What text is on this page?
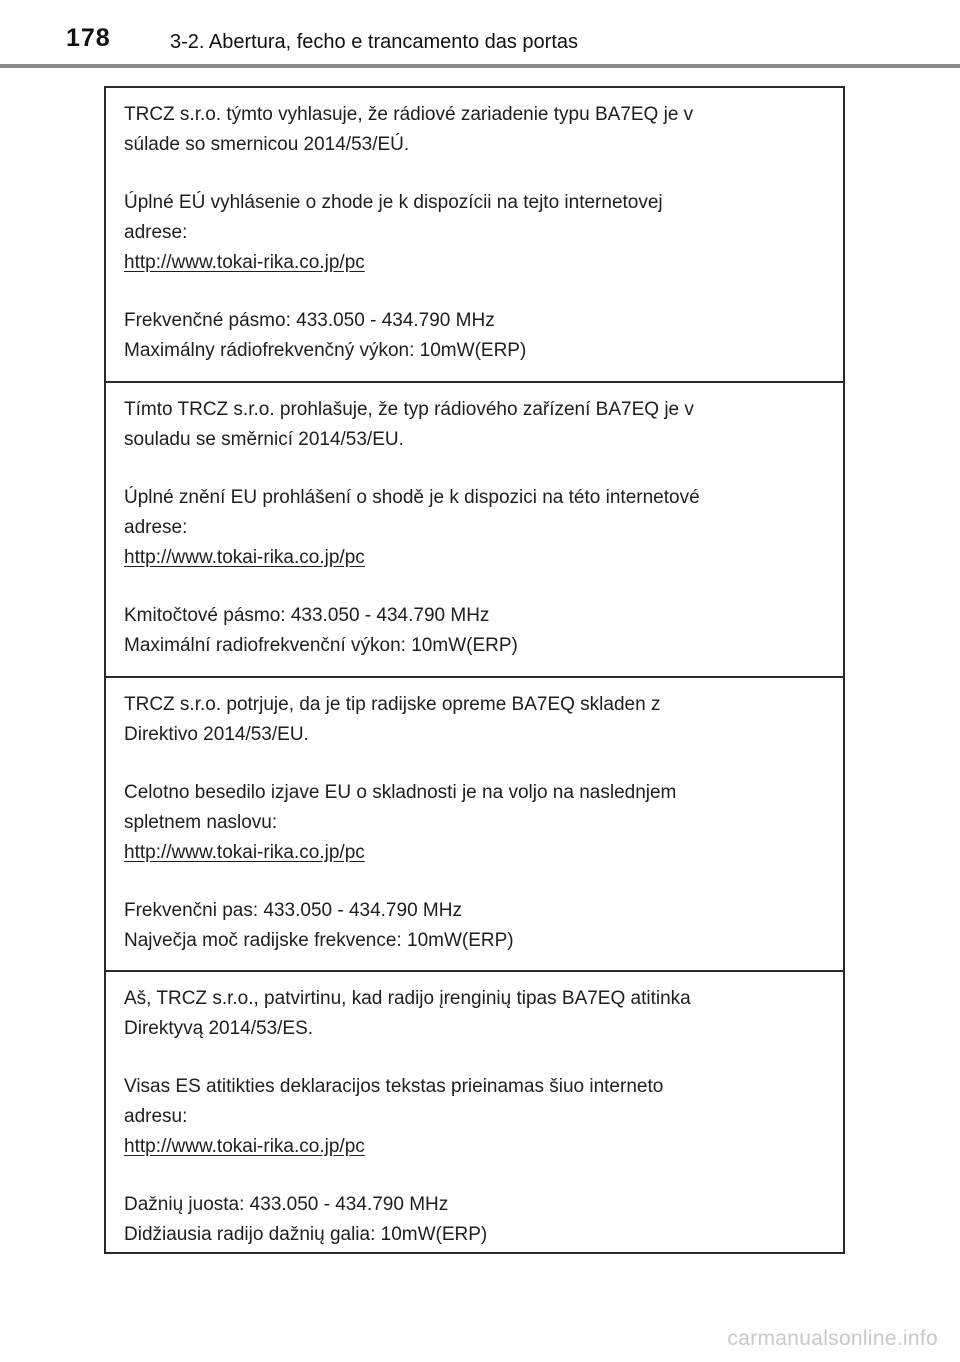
178	3-2. Abertura, fecho e trancamento das portas

TRCZ s.r.o. týmto vyhlasuje, že rádiové zariadenie typu BA7EQ je v

súlade so smernicou 2014/53/EÚ.

Úplné EÚ vyhlásenie o zhode je k dispozícii na tejto internetovej

adrese:

http://www.tokai-rika.co.jp/pc

Frekvenčné pásmo: 433.050 - 434.790 MHz

Maximálny rádiofrekvenčný výkon: 10mW(ERP)

Tímto TRCZ s.r.o. prohlašuje, že typ rádiového zařízení BA7EQ je v

souladu se směrnicí 2014/53/EU.

Úplné znění EU prohlášení o shodě je k dispozici na této internetové

adrese:

http://www.tokai-rika.co.jp/pc

Kmitočtové pásmo: 433.050 - 434.790 MHz

Maximální radiofrekvenční výkon: 10mW(ERP)

TRCZ s.r.o. potrjuje, da je tip radijske opreme BA7EQ skladen z

Direktivo 2014/53/EU.

Celotno besedilo izjave EU o skladnosti je na voljo na naslednjem

spletnem naslovu:

http://www.tokai-rika.co.jp/pc

Frekvenčni pas: 433.050 - 434.790 MHz

Največja moč radijske frekvence: 10mW(ERP)

Aš, TRCZ s.r.o., patvirtinu, kad radijo įrenginių tipas BA7EQ atitinka

Direktyvą 2014/53/ES.

Visas ES atitikties deklaracijos tekstas prieinamas šiuo interneto

adresu:

http://www.tokai-rika.co.jp/pc

Dažnių juosta: 433.050 - 434.790 MHz

Didžiausia radijo dažnių galia: 10mW(ERP)

carmanualsonline.info
